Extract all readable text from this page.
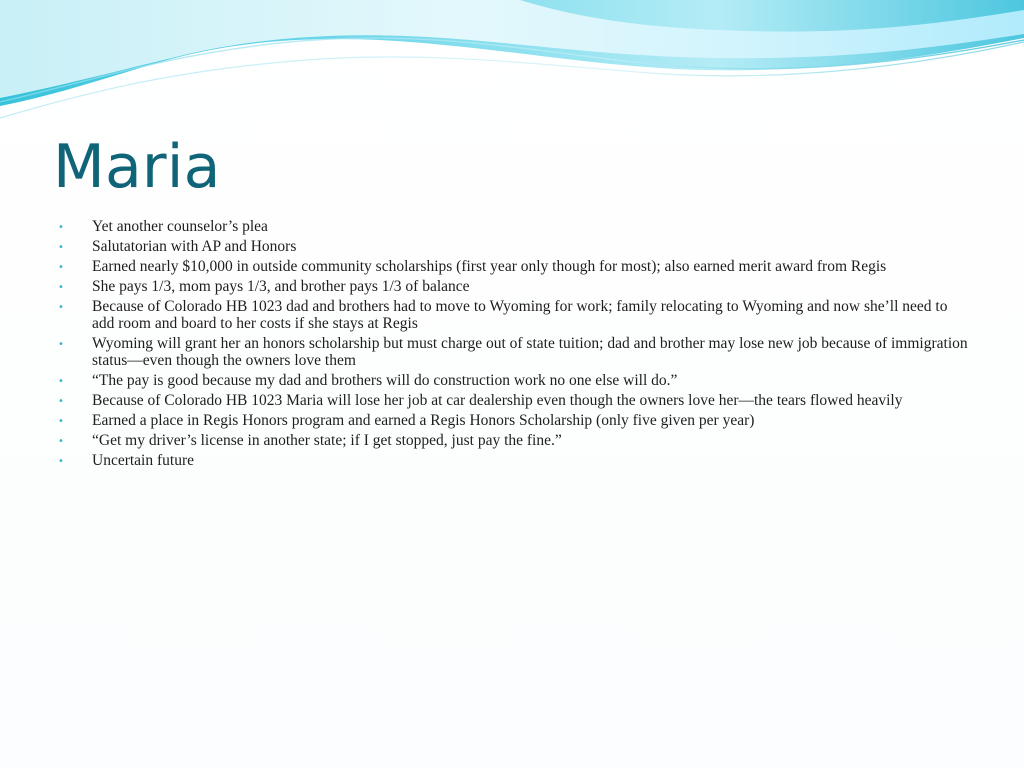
Maria
•	Yet another counselor’s plea
•	Salutatorian with AP and Honors
•	Earned nearly $10,000 in outside community scholarships (first year only though for most); also earned merit award from Regis
•	She pays 1/3, mom pays 1/3, and brother pays 1/3 of balance
•	Because of Colorado HB 1023 dad and brothers had to move to Wyoming for work; family relocating to Wyoming and now she’ll need to add room and board to her costs if she stays at Regis
•	Wyoming will grant her an honors scholarship but must charge out of state tuition; dad and brother may lose new job because of immigration status—even though the owners love them
•	“The pay is good because my dad and brothers will do construction work no one else will do.”
•	Because of Colorado HB 1023 Maria will lose her job at car dealership even though the owners love her—the tears flowed heavily
•	Earned a place in Regis Honors program and earned a Regis Honors Scholarship (only five given per year)
•	“Get my driver’s license in another state; if I get stopped, just pay the fine.”
•	Uncertain future
